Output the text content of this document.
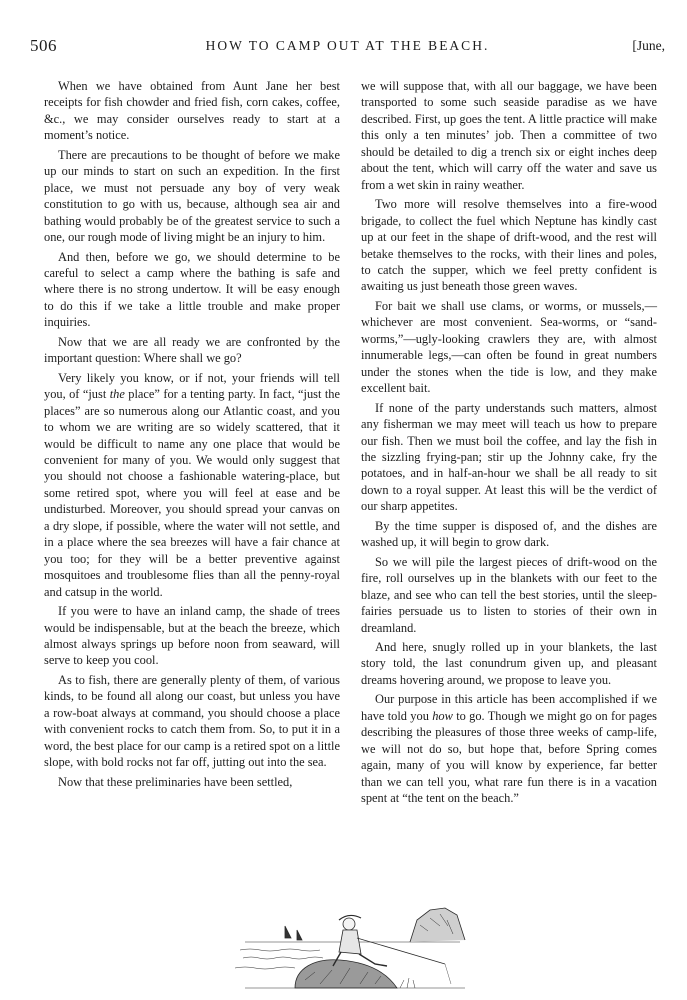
506	HOW TO CAMP OUT AT THE BEACH.	[June,

When we have obtained from Aunt Jane her best receipts for fish chowder and fried fish, corn cakes, coffee, &c., we may consider ourselves ready to start at a moment’s notice.

There are precautions to be thought of before we make up our minds to start on such an expedition. In the first place, we must not persuade any boy of very weak constitution to go with us, because, although sea air and bathing would probably be of the greatest service to such a one, our rough mode of living might be an injury to him.

And then, before we go, we should determine to be careful to select a camp where the bathing is safe and where there is no strong undertow. It will be easy enough to do this if we take a little trouble and make proper inquiries.

Now that we are all ready we are confronted by the important question: Where shall we go?

Very likely you know, or if not, your friends will tell you, of “just the place” for a tenting party. In fact, “just the places” are so numerous along our Atlantic coast, and you to whom we are writing are so widely scattered, that it would be difficult to name any one place that would be convenient for many of you. We would only suggest that you should not choose a fashionable watering-place, but some retired spot, where you will feel at ease and be undisturbed. Moreover, you should spread your canvas on a dry slope, if possible, where the water will not settle, and in a place where the sea breezes will have a fair chance at you too; for they will be a better preventive against mosquitoes and troublesome flies than all the penny-royal and catsup in the world.

If you were to have an inland camp, the shade of trees would be indispensable, but at the beach the breeze, which almost always springs up before noon from seaward, will serve to keep you cool.

As to fish, there are generally plenty of them, of various kinds, to be found all along our coast, but unless you have a row-boat always at command, you should choose a place with convenient rocks to catch them from. So, to put it in a word, the best place for our camp is a retired spot on a little slope, with bold rocks not far off, jutting out into the sea.

Now that these preliminaries have been settled,

we will suppose that, with all our baggage, we have been transported to some such seaside paradise as we have described. First, up goes the tent. A little practice will make this only a ten minutes’ job. Then a committee of two should be detailed to dig a trench six or eight inches deep about the tent, which will carry off the water and save us from a wet skin in rainy weather.

Two more will resolve themselves into a fire-wood brigade, to collect the fuel which Neptune has kindly cast up at our feet in the shape of drift-wood, and the rest will betake themselves to the rocks, with their lines and poles, to catch the supper, which we feel pretty confident is awaiting us just beneath those green waves.

For bait we shall use clams, or worms, or mussels,—whichever are most convenient. Sea-worms, or “sand-worms,”—ugly-looking crawlers they are, with almost innumerable legs,—can often be found in great numbers under the stones when the tide is low, and they make excellent bait.

If none of the party understands such matters, almost any fisherman we may meet will teach us how to prepare our fish. Then we must boil the coffee, and lay the fish in the sizzling frying-pan; stir up the Johnny cake, fry the potatoes, and in half-an-hour we shall be all ready to sit down to a royal supper. At least this will be the verdict of our sharp appetites.

By the time supper is disposed of, and the dishes are washed up, it will begin to grow dark.

So we will pile the largest pieces of drift-wood on the fire, roll ourselves up in the blankets with our feet to the blaze, and see who can tell the best stories, until the sleep-fairies persuade us to listen to stories of their own in dreamland.

And here, snugly rolled up in your blankets, the last story told, the last conundrum given up, and pleasant dreams hovering around, we propose to leave you.

Our purpose in this article has been accomplished if we have told you how to go. Though we might go on for pages describing the pleasures of those three weeks of camp-life, we will not do so, but hope that, before Spring comes again, many of you will know by experience, far better than we can tell you, what rare fun there is in a vacation spent at “the tent on the beach.”
